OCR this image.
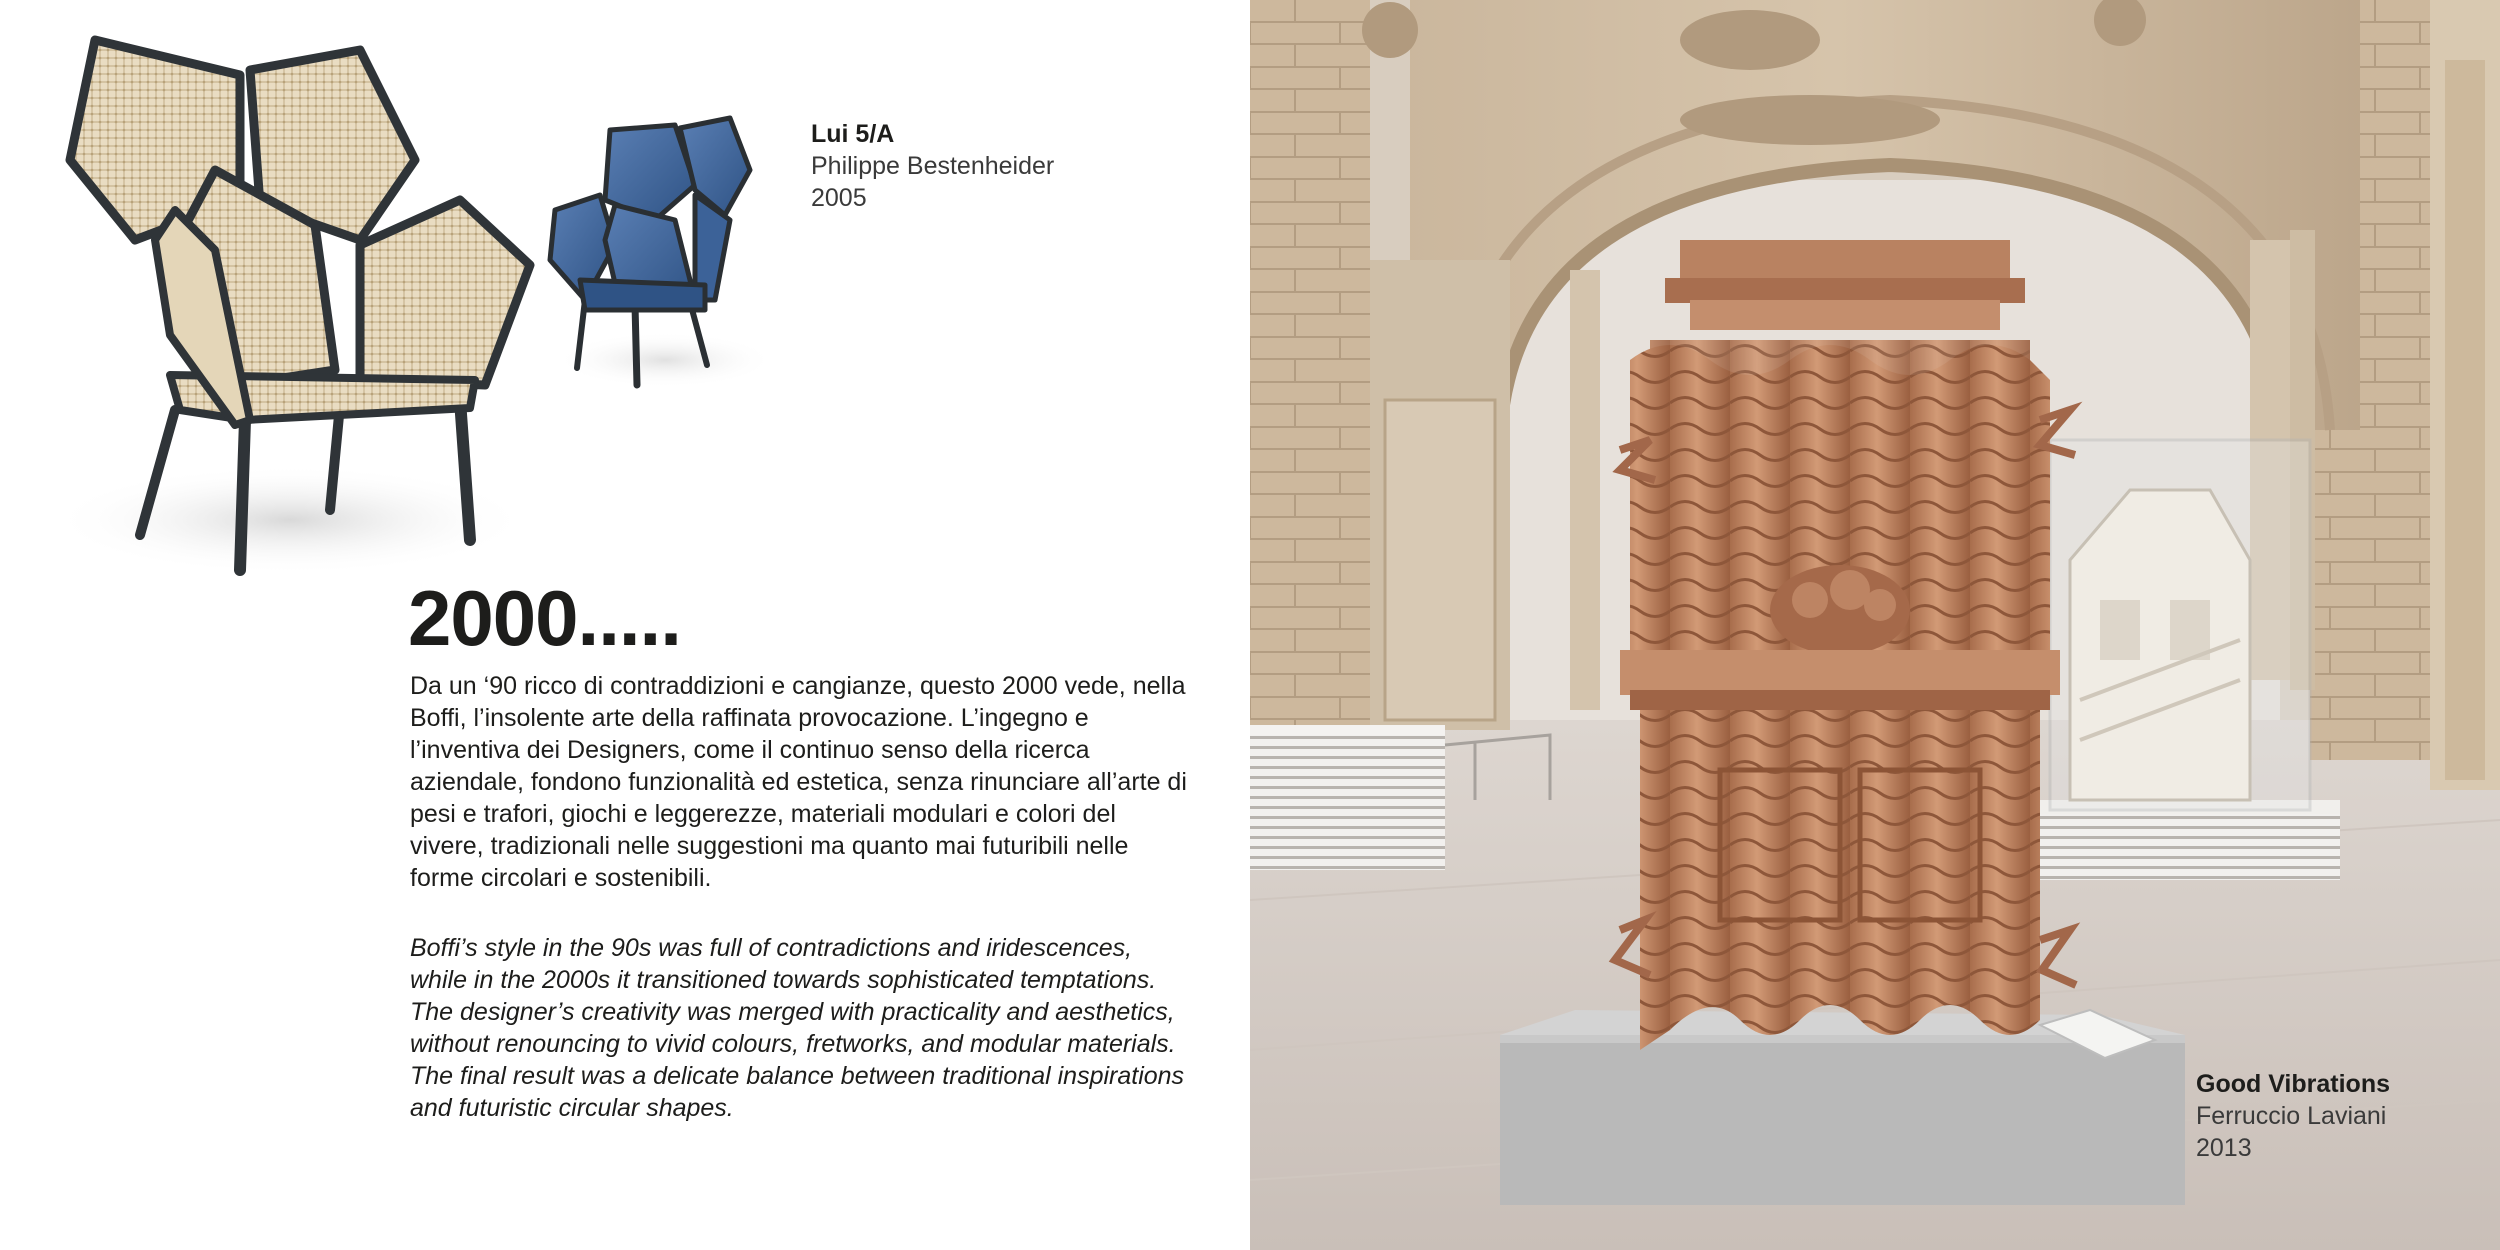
Lui 5/A
Philippe Bestenheider
2005
2000.....

Da un ‘90 ricco di contraddizioni e cangianze, questo 2000 vede, nella Boffi, l’insolente arte della raffinata provocazione. L’ingegno e l’inventiva dei Designers, come il continuo senso della ricerca aziendale, fondono funzionalità ed estetica, senza rinunciare all’arte di pesi e trafori, giochi e leggerezze, materiali modulari e colori del vivere, tradizionali nelle suggestioni ma quanto mai futuribili nelle forme circolari e sostenibili.

Boffi’s style in the 90s was full of contradictions and iridescences, while in the 2000s it transitioned towards sophisticated temptations. The designer’s creativity was merged with practicality and aesthetics, without renouncing to vivid colours, fretworks, and modular materials. The final result was a delicate balance between traditional inspirations and futuristic circular shapes.

Good Vibrations
Ferruccio Laviani
2013
